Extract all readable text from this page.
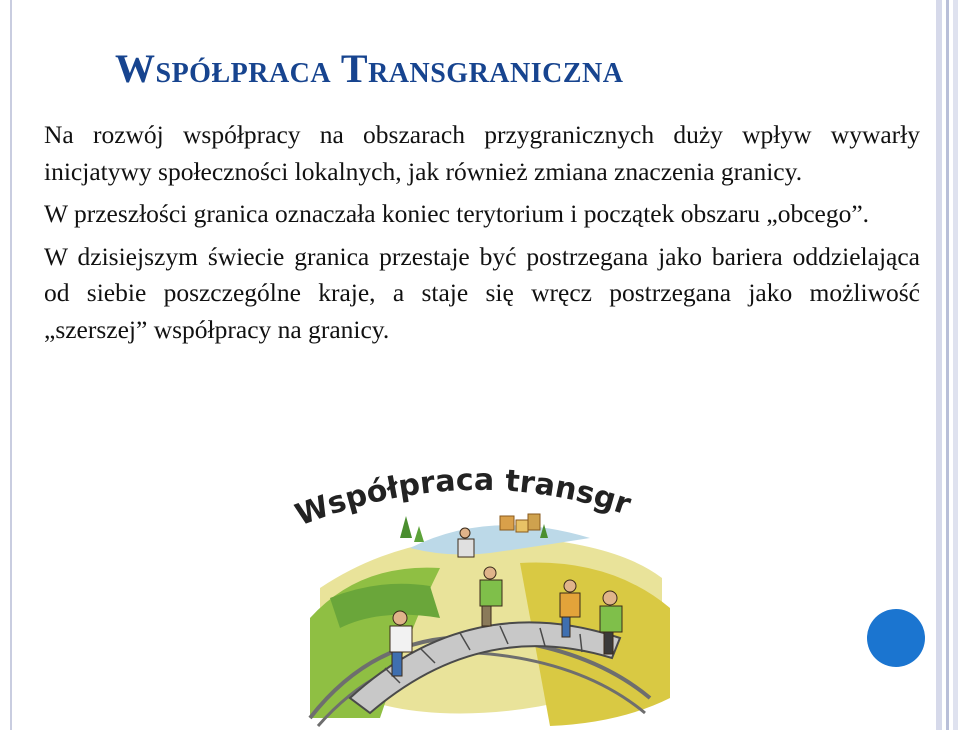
Współpraca Transgraniczna

Na rozwój współpracy na obszarach przygranicznych duży wpływ wywarły inicjatywy społeczności lokalnych, jak również zmiana znaczenia granicy.

W przeszłości granica oznaczała koniec terytorium i początek obszaru „obcego”.

W dzisiejszym świecie granica przestaje być postrzegana jako bariera oddzielająca od siebie poszczególne kraje, a staje się wręcz postrzegana jako możliwość „szerszej” współpracy na granicy.

Współpraca transgr
